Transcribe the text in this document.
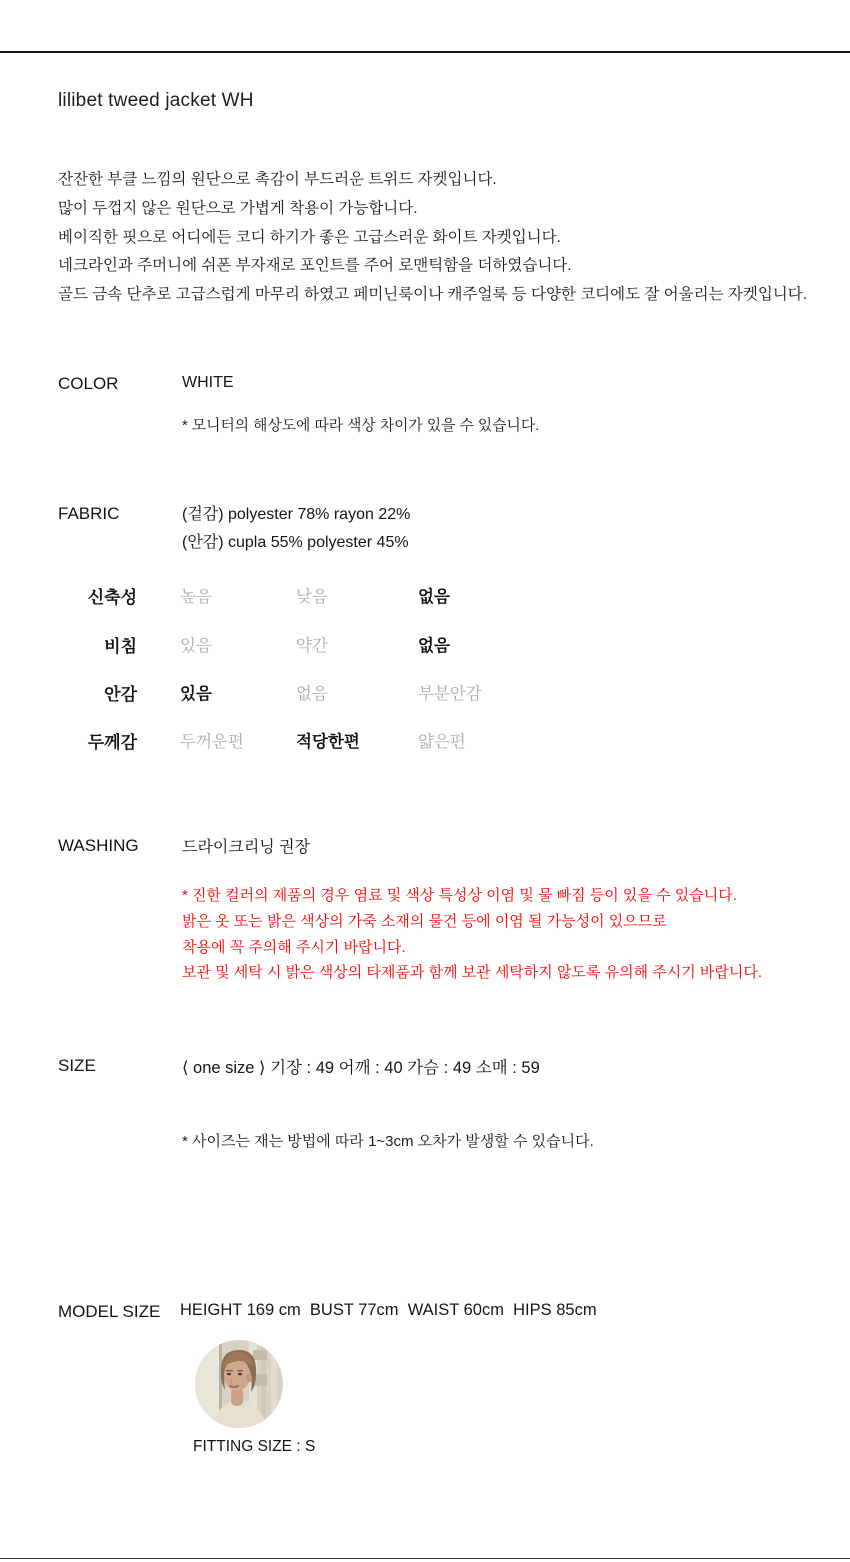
lilibet tweed jacket WH
잔잔한 부클 느낌의 원단으로 촉감이 부드러운 트위드 자켓입니다.
많이 두껍지 않은 원단으로 가볍게 착용이 가능합니다.
베이직한 핏으로 어디에든 코디 하기가 좋은 고급스러운 화이트 자켓입니다.
네크라인과 주머니에 쉬폰 부자재로 포인트를 주어 로맨틱함을 더하였습니다.
골드 금속 단추로 고급스럽게 마무리 하였고 페미닌룩이나 캐주얼룩 등 다양한 코디에도 잘 어울리는 자켓입니다.
COLOR	WHITE
* 모니터의 해상도에 따라 색상 차이가 있을 수 있습니다.
FABRIC	(겉감) polyester 78% rayon 22%
(안감) cupla 55% polyester 45%
신축성	높음	낮음	없음
비침	있음	약간	없음
안감	있음	없음	부분안감
두께감	두꺼운편	적당한편	얇은편
WASHING	드라이크리닝 권장
* 진한 컬러의 제품의 경우 염료 및 색상 특성상 이염 및 물 빠짐 등이 있을 수 있습니다.
밝은 옷 또는 밝은 색상의 가죽 소재의 물건 등에 이염 될 가능성이 있으므로
착용에 꼭 주의해 주시기 바랍니다.
보관 및 세탁 시 밝은 색상의 타제품과 함께 보관 세탁하지 않도록 유의해 주시기 바랍니다.
SIZE	⟨ one size ⟩ 기장 : 49 어깨 : 40 가슴 : 49 소매 : 59
* 사이즈는 재는 방법에 따라 1~3cm 오차가 발생할 수 있습니다.
MODEL SIZE HEIGHT 169 cm  BUST 77cm  WAIST 60cm  HIPS 85cm
FITTING SIZE : S
